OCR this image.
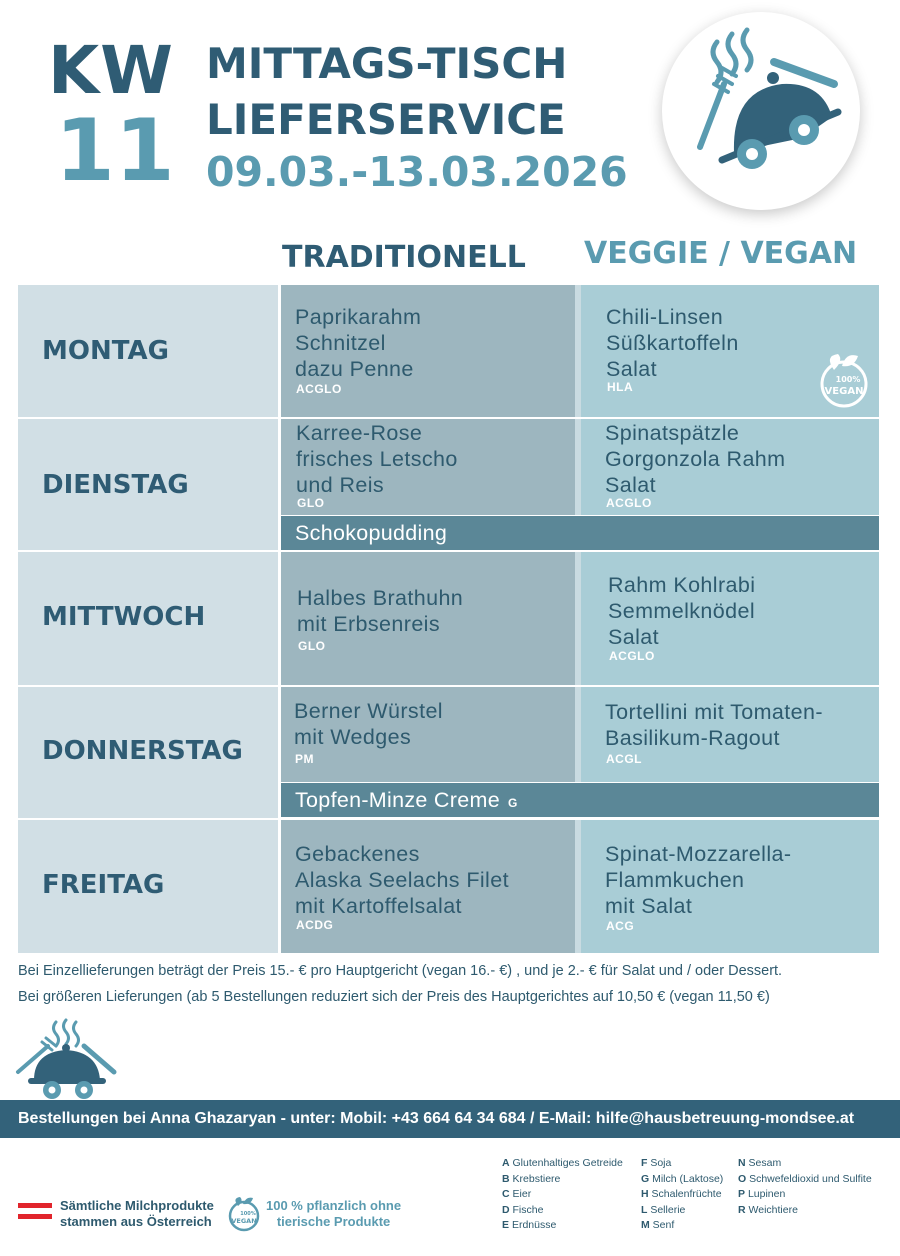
KW
11
MITTAGS-TISCH
LIEFERSERVICE
09.03.-13.03.2026
TRADITIONELL VEGGIE / VEGAN
MONTAG
Paprikarahm
Schnitzel
dazu Penne
ACGLO
Chili-Linsen
Süßkartoffeln
Salat
HLA
100%
VEGAN
DIENSTAG
Karree-Rose
frisches Letscho
und Reis
GLO
Spinatspätzle
Gorgonzola Rahm
Salat
ACGLO
Schokopudding
MITTWOCH
Halbes Brathuhn
mit Erbsenreis
GLO
Rahm Kohlrabi
Semmelknödel
Salat
ACGLO
DONNERSTAG
Berner Würstel
mit Wedges
PM
Tortellini mit Tomaten-
Basilikum-Ragout
ACGL
Topfen-Minze Creme G
FREITAG
Gebackenes
Alaska Seelachs Filet
mit Kartoffelsalat
ACDG
Spinat-Mozzarella-
Flammkuchen
mit Salat
ACG
Bei Einzellieferungen beträgt der Preis 15.- € pro Hauptgericht (vegan 16.- €) , und je 2.- € für Salat und / oder Dessert.
Bei größeren Lieferungen (ab 5 Bestellungen reduziert sich der Preis des Hauptgerichtes auf 10,50 € (vegan 11,50 €)
Bestellungen bei Anna Ghazaryan - unter: Mobil: +43 664 64 34 684 / E-Mail: hilfe@hausbetreuung-mondsee.at
Sämtliche Milchprodukte
stammen aus Österreich	100%
VEGAN
100 % pflanzlich ohne
tierische Produkte
A Glutenhaltiges Getreide
B Krebstiere
C Eier
D Fische
E Erdnüsse
F Soja
G Milch (Laktose)
H Schalenfrüchte
L Sellerie
M Senf
N Sesam
O Schwefeldioxid und Sulfite
P Lupinen
R Weichtiere
